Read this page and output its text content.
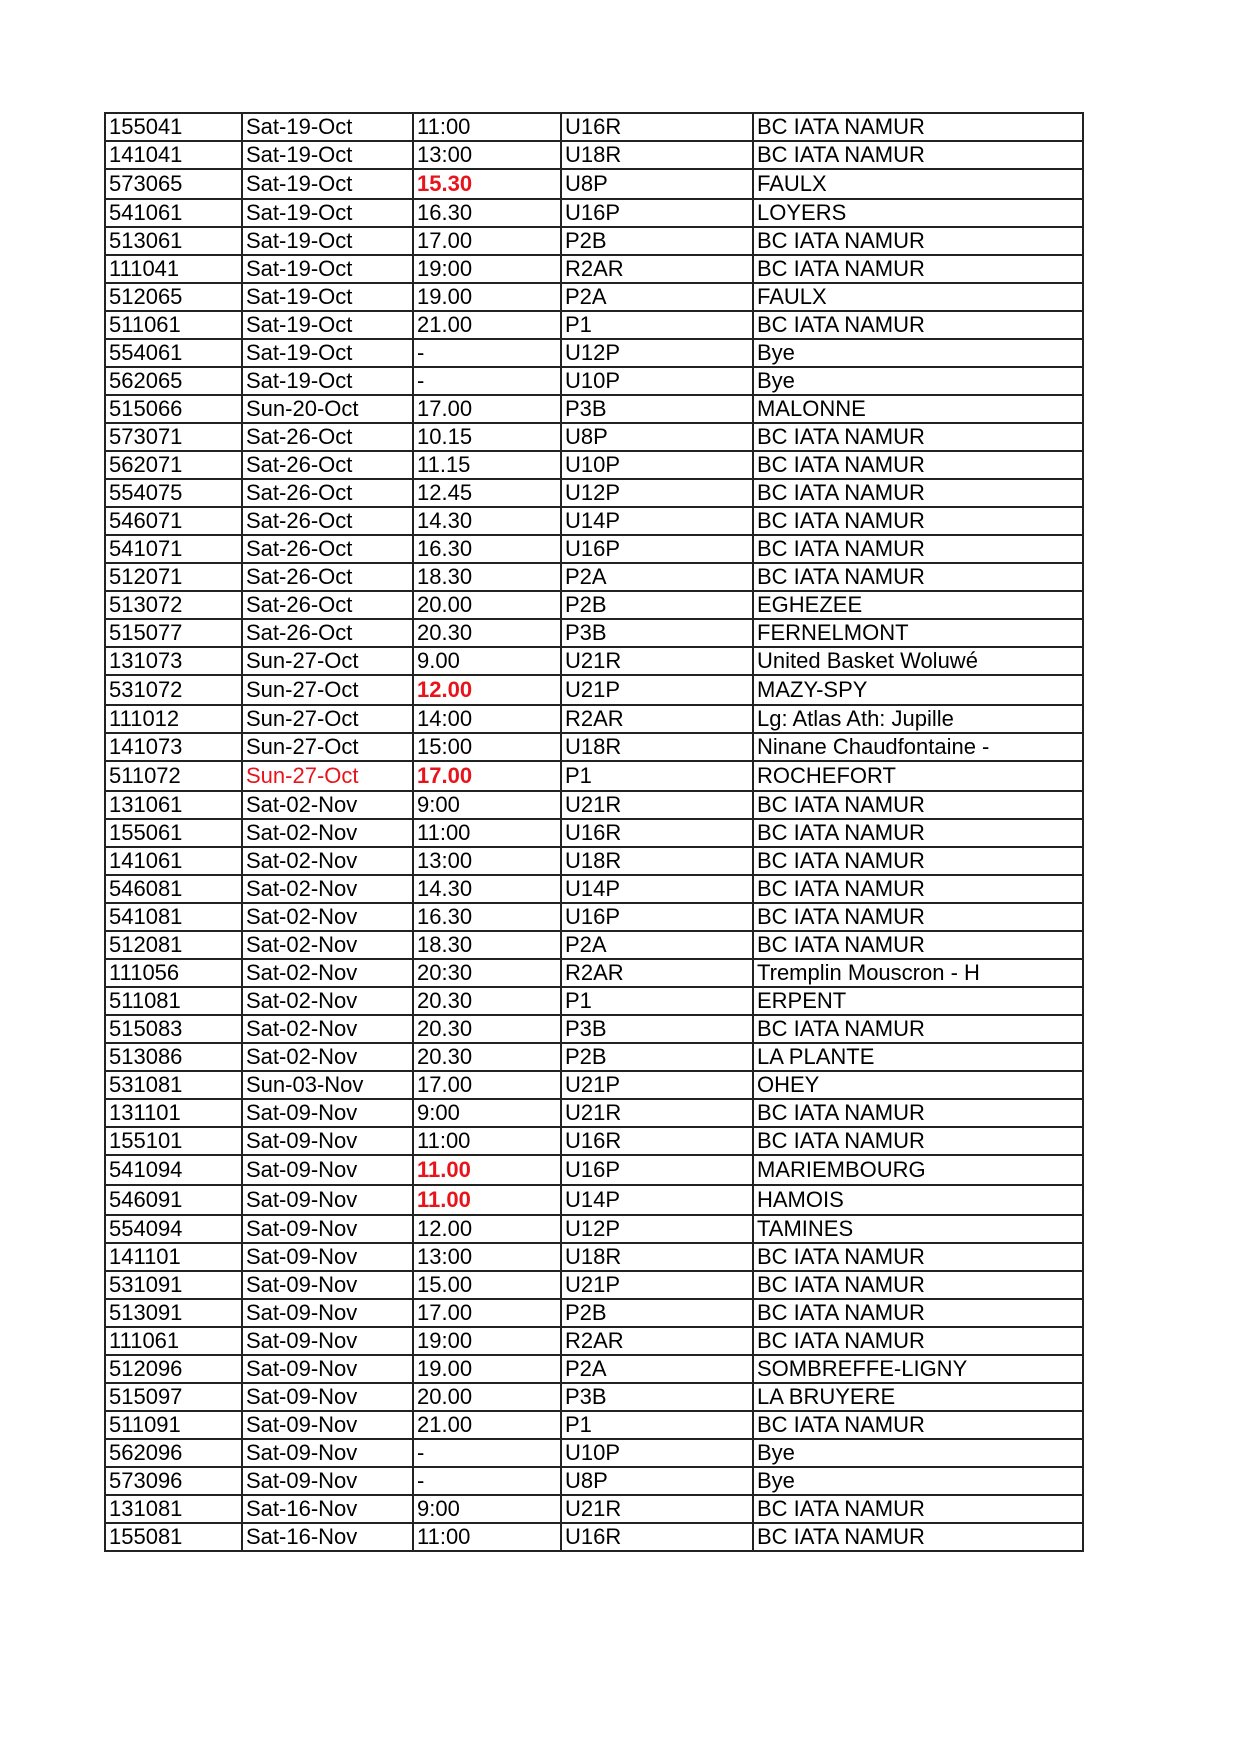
155041	Sat-19-Oct	11:00	U16R	BC IATA NAMUR
141041	Sat-19-Oct	13:00	U18R	BC IATA NAMUR
573065	Sat-19-Oct	15.30	U8P	FAULX
541061	Sat-19-Oct	16.30	U16P	LOYERS
513061	Sat-19-Oct	17.00	P2B	BC IATA NAMUR
111041	Sat-19-Oct	19:00	R2AR	BC IATA NAMUR
512065	Sat-19-Oct	19.00	P2A	FAULX
511061	Sat-19-Oct	21.00	P1	BC IATA NAMUR
554061	Sat-19-Oct	-	U12P	Bye
562065	Sat-19-Oct	-	U10P	Bye
515066	Sun-20-Oct	17.00	P3B	MALONNE
573071	Sat-26-Oct	10.15	U8P	BC IATA NAMUR
562071	Sat-26-Oct	11.15	U10P	BC IATA NAMUR
554075	Sat-26-Oct	12.45	U12P	BC IATA NAMUR
546071	Sat-26-Oct	14.30	U14P	BC IATA NAMUR
541071	Sat-26-Oct	16.30	U16P	BC IATA NAMUR
512071	Sat-26-Oct	18.30	P2A	BC IATA NAMUR
513072	Sat-26-Oct	20.00	P2B	EGHEZEE
515077	Sat-26-Oct	20.30	P3B	FERNELMONT
131073	Sun-27-Oct	9.00	U21R	United Basket Woluwé
531072	Sun-27-Oct	12.00	U21P	MAZY-SPY
111012	Sun-27-Oct	14:00	R2AR	Lg: Atlas Ath: Jupille
141073	Sun-27-Oct	15:00	U18R	Ninane Chaudfontaine -
511072	Sun-27-Oct	17.00	P1	ROCHEFORT
131061	Sat-02-Nov	9:00	U21R	BC IATA NAMUR
155061	Sat-02-Nov	11:00	U16R	BC IATA NAMUR
141061	Sat-02-Nov	13:00	U18R	BC IATA NAMUR
546081	Sat-02-Nov	14.30	U14P	BC IATA NAMUR
541081	Sat-02-Nov	16.30	U16P	BC IATA NAMUR
512081	Sat-02-Nov	18.30	P2A	BC IATA NAMUR
111056	Sat-02-Nov	20:30	R2AR	Tremplin Mouscron - H
511081	Sat-02-Nov	20.30	P1	ERPENT
515083	Sat-02-Nov	20.30	P3B	BC IATA NAMUR
513086	Sat-02-Nov	20.30	P2B	LA PLANTE
531081	Sun-03-Nov	17.00	U21P	OHEY
131101	Sat-09-Nov	9:00	U21R	BC IATA NAMUR
155101	Sat-09-Nov	11:00	U16R	BC IATA NAMUR
541094	Sat-09-Nov	11.00	U16P	MARIEMBOURG
546091	Sat-09-Nov	11.00	U14P	HAMOIS
554094	Sat-09-Nov	12.00	U12P	TAMINES
141101	Sat-09-Nov	13:00	U18R	BC IATA NAMUR
531091	Sat-09-Nov	15.00	U21P	BC IATA NAMUR
513091	Sat-09-Nov	17.00	P2B	BC IATA NAMUR
111061	Sat-09-Nov	19:00	R2AR	BC IATA NAMUR
512096	Sat-09-Nov	19.00	P2A	SOMBREFFE-LIGNY
515097	Sat-09-Nov	20.00	P3B	LA BRUYERE
511091	Sat-09-Nov	21.00	P1	BC IATA NAMUR
562096	Sat-09-Nov	-	U10P	Bye
573096	Sat-09-Nov	-	U8P	Bye
131081	Sat-16-Nov	9:00	U21R	BC IATA NAMUR
155081	Sat-16-Nov	11:00	U16R	BC IATA NAMUR
